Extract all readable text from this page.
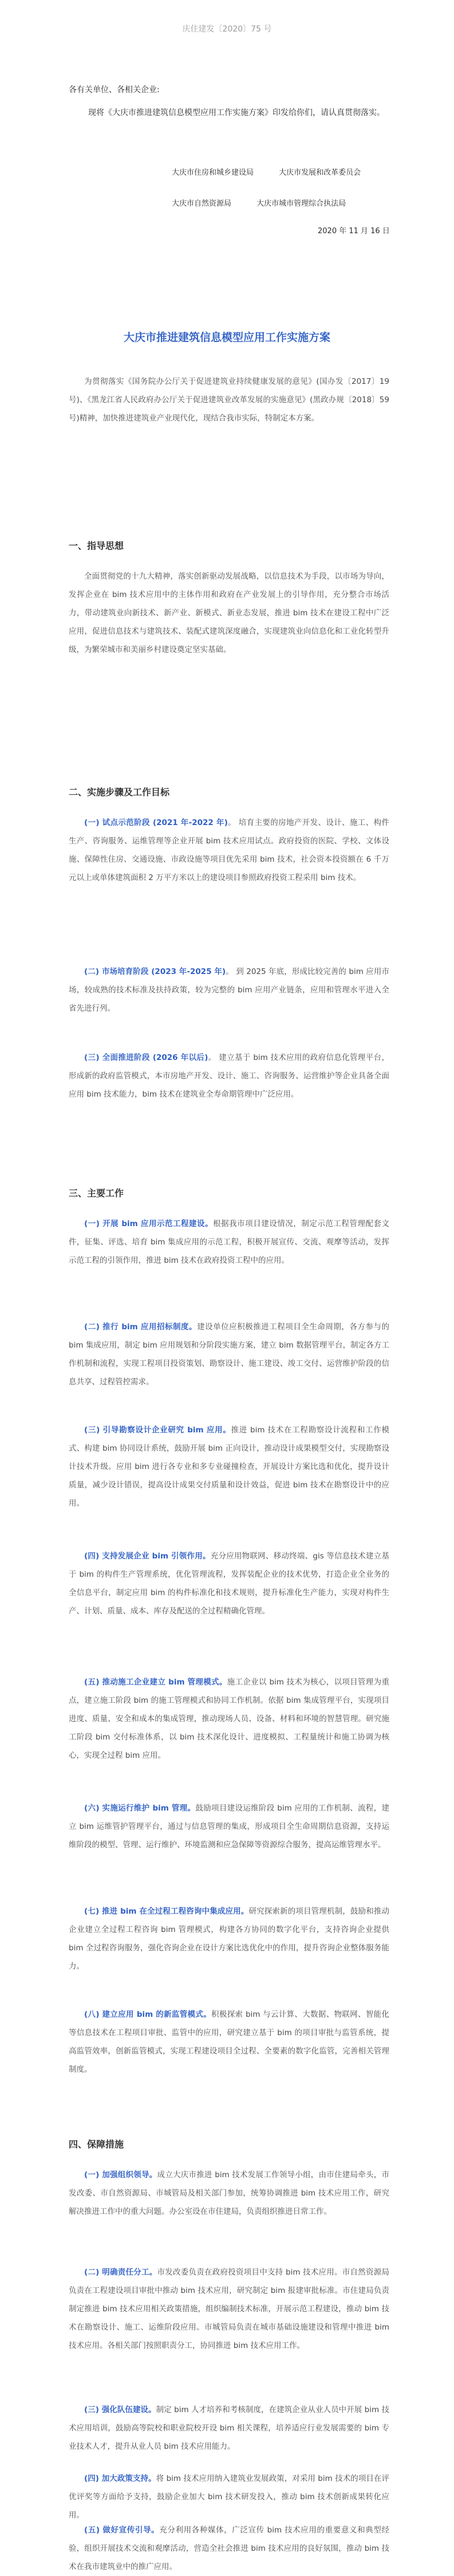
庆住建发〔2020〕75 号
各有关单位、各相关企业:
现将《大庆市推进建筑信息模型应用工作实施方案》印发给你们，请认真贯彻落实。
大庆市住房和城乡建设局	大庆市发展和改革委员会
大庆市自然资源局	大庆市城市管理综合执法局
2020 年 11 月 16 日
大庆市推进建筑信息模型应用工作实施方案

为贯彻落实《国务院办公厅关于促进建筑业持续健康发展的意见》(国办发〔2017〕19 号)、《黑龙江省人民政府办公厅关于促进建筑业改革发展的实施意见》(黑政办规〔2018〕59 号)精神，加快推进建筑业产业现代化，现结合我市实际，特制定本方案。

一、指导思想

全面贯彻党的十九大精神，落实创新驱动发展战略，以信息技术为手段，以市场为导向，发挥企业在 bim 技术应用中的主体作用和政府在产业发展上的引导作用，充分整合市场活力，带动建筑业向新技术、新产业、新模式、新业态发展，推进 bim 技术在建设工程中广泛应用，促进信息技术与建筑技术、装配式建筑深度融合，实现建筑业向信息化和工业化转型升级，为繁荣城市和美丽乡村建设奠定坚实基础。

二、实施步骤及工作目标

(一) 试点示范阶段 (2021 年-2022 年)。 培育主要的房地产开发、设计、施工、构件生产、咨询服务、运维管理等企业开展 bim 技术应用试点。政府投资的医院、学校、文体设施、保障性住房、交通设施、市政设施等项目优先采用 bim 技术，社会资本投资额在 6 千万元以上或单体建筑面积 2 万平方米以上的建设项目参照政府投资工程采用 bim 技术。

(二) 市场培育阶段 (2023 年-2025 年)。 到 2025 年底，形成比较完善的 bim 应用市场，较成熟的技术标准及扶持政策，较为完整的 bim 应用产业链条，应用和管理水平进入全省先进行列。

(三) 全面推进阶段 (2026 年以后)。 建立基于 bim 技术应用的政府信息化管理平台，形成新的政府监管模式，本市房地产开发、设计、施工、咨询服务、运营维护等企业具备全面应用 bim 技术能力，bim 技术在建筑业全寿命期管理中广泛应用。

三、主要工作

(一) 开展 bim 应用示范工程建设。根据我市项目建设情况，制定示范工程管理配套文件，征集、评选、培育 bim 集成应用的示范工程，积极开展宣传、交流、观摩等活动，发挥示范工程的引领作用，推进 bim 技术在政府投资工程中的应用。

(二) 推行 bim 应用招标制度。建设单位应积极推进工程项目全生命周期，各方参与的 bim 集成应用，制定 bim 应用规划和分阶段实施方案，建立 bim 数据管理平台，制定各方工作机制和流程，实现工程项目投资策划、勘察设计、施工建设、竣工交付、运营维护阶段的信息共享、过程管控需求。

(三) 引导勘察设计企业研究 bim 应用。推进 bim 技术在工程勘察设计流程和工作模式、构建 bim 协同设计系统，鼓励开展 bim 正向设计，推动设计成果模型交付，实现勘察设计技术升级。应用 bim 进行各专业和多专业碰撞检查，开展设计方案比选和优化，提升设计质量，减少设计错误，提高设计成果交付质量和设计效益，促进 bim 技术在勘察设计中的应用。

(四) 支持发展企业 bim 引领作用。充分应用物联网、移动终端、gis 等信息技术建立基于 bim 的构件生产管理系统，优化管理流程，发挥装配企业的技术优势，打造企业全业务的全信息平台，制定应用 bim 的构件标准化和技术规则，提升标准化生产能力，实现对构件生产、计划、质量、成本、库存及配送的全过程精确化管理。

(五) 推动施工企业建立 bim 管理模式。施工企业以 bim 技术为核心，以项目管理为重点，建立施工阶段 bim 的施工管理模式和协同工作机制。依据 bim 集成管理平台，实现项目进度、质量、安全和成本的集成管理，推动现场人员、设备、材料和环境的智慧管理。研究施工阶段 bim 交付标准体系，以 bim 技术深化设计、进度模拟、工程量统计和施工协调为核心，实现全过程 bim 应用。

(六) 实施运行维护 bim 管理。鼓励项目建设运维阶段 bim 应用的工作机制、流程，建立 bim 运维管护管理平台，通过与信息管理的集成，形成项目全生命周期信息资源，支持运维阶段的模型、管理、运行维护、环境监测和应急保障等资源综合服务，提高运维管理水平。

(七) 推进 bim 在全过程工程咨询中集成应用。研究探索新的项目管理机制，鼓励和推动企业建立全过程工程咨询 bim 管理模式，构建各方协同的数字化平台，支持咨询企业提供 bim 全过程咨询服务，强化咨询企业在设计方案比选优化中的作用，提升咨询企业整体服务能力。

(八) 建立应用 bim 的新监管模式。积极探索 bim 与云计算、大数据、物联网、智能化等信息技术在工程项目审批、监管中的应用，研究建立基于 bim 的项目审批与监管系统，提高监管效率，创新监管模式，实现工程建设项目全过程、全要素的数字化监管，完善相关管理制度。

四、保障措施

(一) 加强组织领导。成立大庆市推进 bim 技术发展工作领导小组，由市住建局牵头，市发改委、市自然资源局、市城管局及相关部门参加，统筹协调推进 bim 技术应用工作，研究解决推进工作中的重大问题。办公室设在市住建局，负责组织推进日常工作。

(二) 明确责任分工。市发改委负责在政府投资项目中支持 bim 技术应用。市自然资源局负责在工程建设项目审批中推动 bim 技术应用，研究制定 bim 报建审批标准。市住建局负责制定推进 bim 技术应用相关政策措施，组织编制技术标准，开展示范工程建设，推动 bim 技术在勘察设计、施工、运维阶段应用。市城管局负责在城市基础设施建设和管理中推进 bim 技术应用。各相关部门按照职责分工，协同推进 bim 技术应用工作。

(三) 强化队伍建设。制定 bim 人才培养和考核制度，在建筑企业从业人员中开展 bim 技术应用培训，鼓励高等院校和职业院校开设 bim 相关课程，培养适应行业发展需要的 bim 专业技术人才，提升从业人员 bim 技术应用能力。

(四) 加大政策支持。将 bim 技术应用纳入建筑业发展政策，对采用 bim 技术的项目在评优评奖等方面给予支持，鼓励企业加大 bim 技术研发投入，推动 bim 技术创新成果转化应用。

(五) 做好宣传引导。充分利用各种媒体，广泛宣传 bim 技术应用的重要意义和典型经验，组织开展技术交流和观摩活动，营造全社会推进 bim 技术应用的良好氛围，推动 bim 技术在我市建筑业中的推广应用。
